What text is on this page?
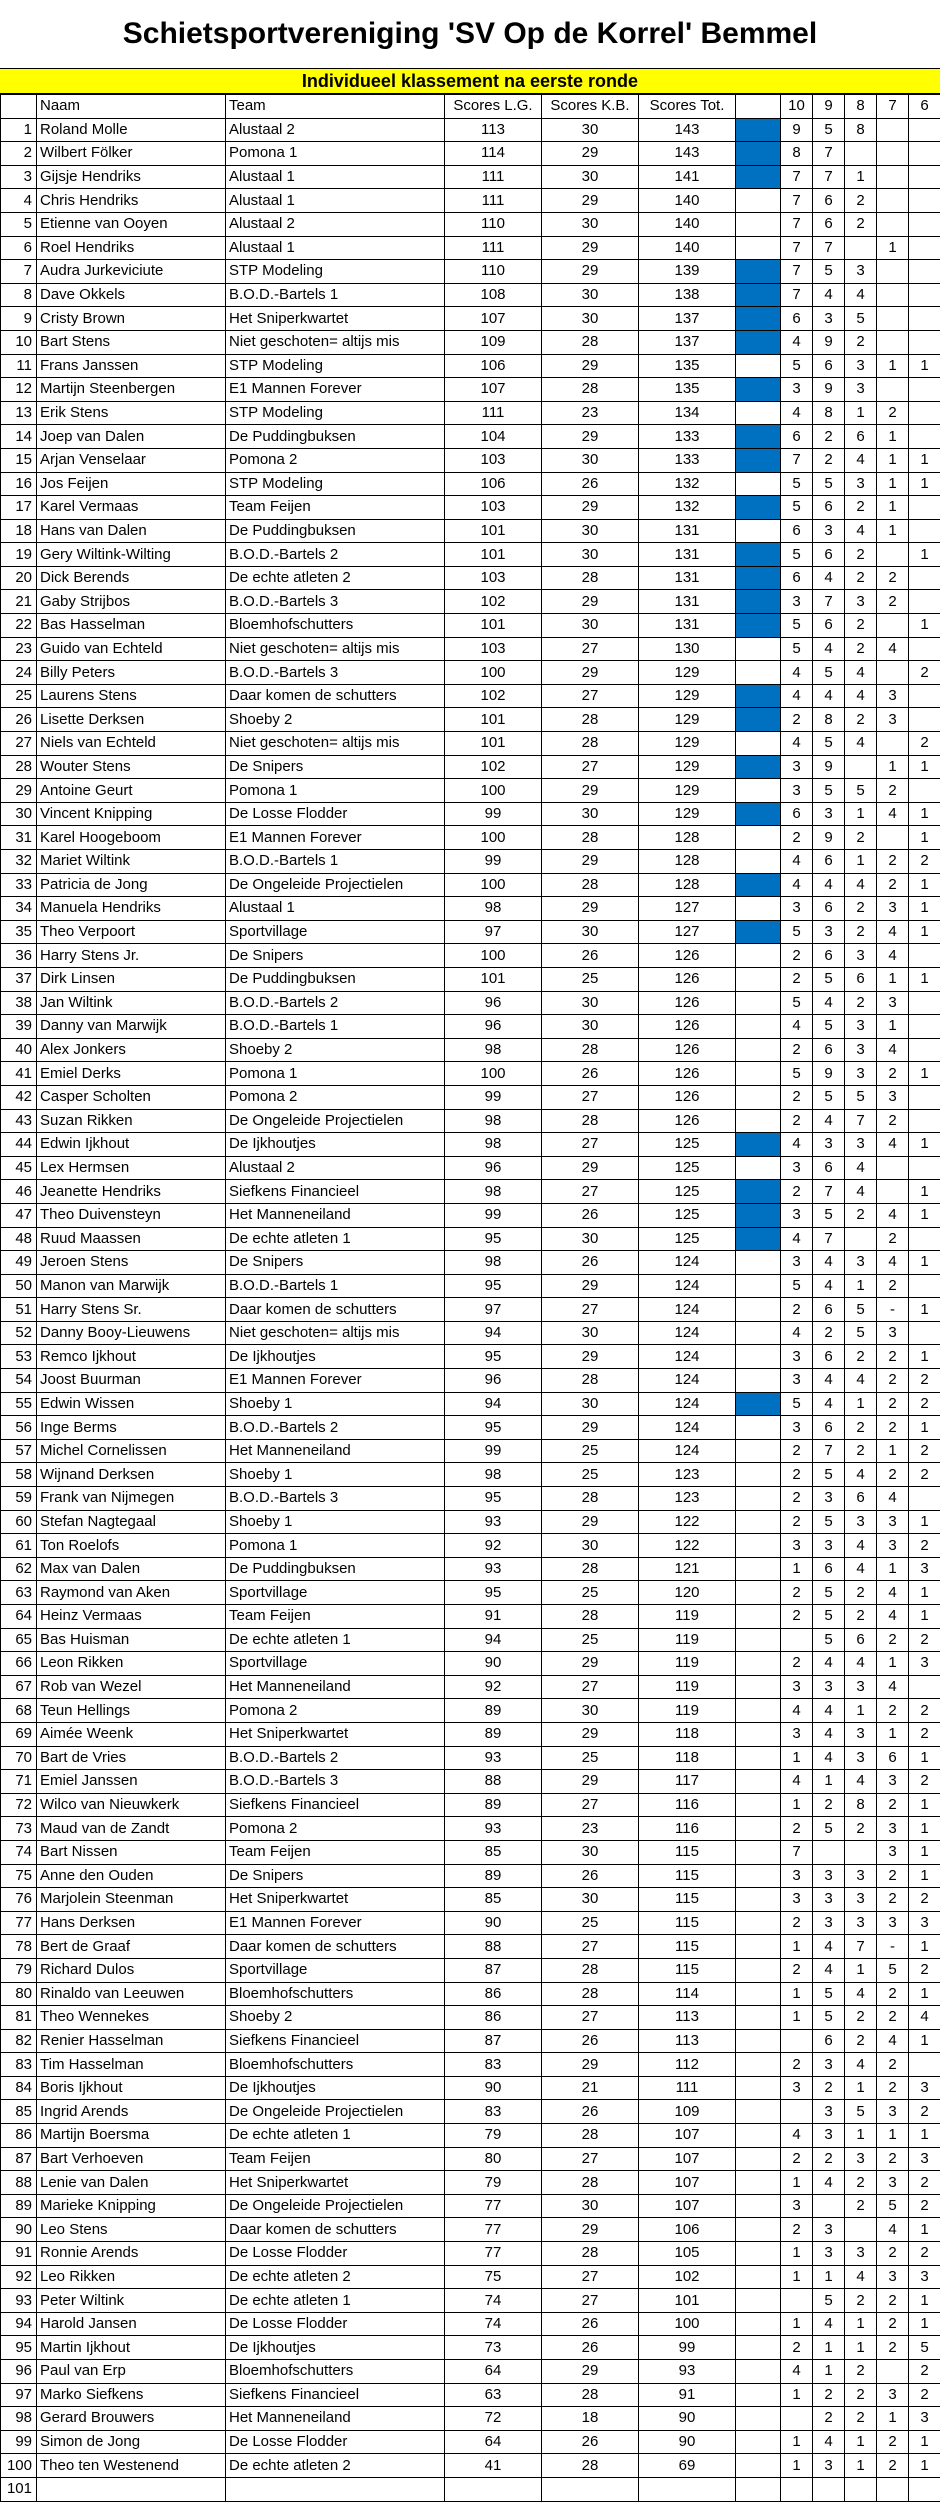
Schietsportvereniging 'SV Op de Korrel' Bemmel
Individueel klassement na eerste ronde
	Naam	Team	Scores L.G.	Scores K.B.	Scores Tot.		10	9	8	7	6
1	Roland Molle	Alustaal 2	113	30	143		9	5	8		
2	Wilbert Fölker	Pomona 1	114	29	143		8	7			
3	Gijsje Hendriks	Alustaal 1	111	30	141		7	7	1		
4	Chris Hendriks	Alustaal 1	111	29	140		7	6	2		
5	Etienne van Ooyen	Alustaal 2	110	30	140		7	6	2		
6	Roel Hendriks	Alustaal 1	111	29	140		7	7		1	
7	Audra Jurkeviciute	STP Modeling	110	29	139		7	5	3		
8	Dave Okkels	B.O.D.-Bartels 1	108	30	138		7	4	4		
9	Cristy Brown	Het Sniperkwartet	107	30	137		6	3	5		
10	Bart Stens	Niet geschoten= altijs mis	109	28	137		4	9	2		
11	Frans Janssen	STP Modeling	106	29	135		5	6	3	1	1
12	Martijn Steenbergen	E1 Mannen Forever	107	28	135		3	9	3		
13	Erik Stens	STP Modeling	111	23	134		4	8	1	2	
14	Joep van Dalen	De Puddingbuksen	104	29	133		6	2	6	1	
15	Arjan Venselaar	Pomona 2	103	30	133		7	2	4	1	1
16	Jos Feijen	STP Modeling	106	26	132		5	5	3	1	1
17	Karel Vermaas	Team Feijen	103	29	132		5	6	2	1	
18	Hans van Dalen	De Puddingbuksen	101	30	131		6	3	4	1	
19	Gery Wiltink-Wilting	B.O.D.-Bartels 2	101	30	131		5	6	2		1
20	Dick Berends	De echte atleten 2	103	28	131		6	4	2	2	
21	Gaby Strijbos	B.O.D.-Bartels 3	102	29	131		3	7	3	2	
22	Bas Hasselman	Bloemhofschutters	101	30	131		5	6	2		1
23	Guido van Echteld	Niet geschoten= altijs mis	103	27	130		5	4	2	4	
24	Billy Peters	B.O.D.-Bartels 3	100	29	129		4	5	4		2
25	Laurens Stens	Daar komen de schutters	102	27	129		4	4	4	3	
26	Lisette Derksen	Shoeby 2	101	28	129		2	8	2	3	
27	Niels van Echteld	Niet geschoten= altijs mis	101	28	129		4	5	4		2
28	Wouter Stens	De Snipers	102	27	129		3	9		1	1
29	Antoine Geurt	Pomona 1	100	29	129		3	5	5	2	
30	Vincent Knipping	De Losse Flodder	99	30	129		6	3	1	4	1
31	Karel Hoogeboom	E1 Mannen Forever	100	28	128		2	9	2		1
32	Mariet Wiltink	B.O.D.-Bartels 1	99	29	128		4	6	1	2	2
33	Patricia de Jong	De Ongeleide Projectielen	100	28	128		4	4	4	2	1
34	Manuela Hendriks	Alustaal 1	98	29	127		3	6	2	3	1
35	Theo Verpoort	Sportvillage	97	30	127		5	3	2	4	1
36	Harry Stens Jr.	De Snipers	100	26	126		2	6	3	4	
37	Dirk Linsen	De Puddingbuksen	101	25	126		2	5	6	1	1
38	Jan Wiltink	B.O.D.-Bartels 2	96	30	126		5	4	2	3	
39	Danny van Marwijk	B.O.D.-Bartels 1	96	30	126		4	5	3	1	
40	Alex Jonkers	Shoeby 2	98	28	126		2	6	3	4	
41	Emiel Derks	Pomona 1	100	26	126		5	9	3	2	1
42	Casper Scholten	Pomona 2	99	27	126		2	5	5	3	
43	Suzan Rikken	De Ongeleide Projectielen	98	28	126		2	4	7	2	
44	Edwin Ijkhout	De Ijkhoutjes	98	27	125		4	3	3	4	1
45	Lex Hermsen	Alustaal 2	96	29	125		3	6	4		
46	Jeanette Hendriks	Siefkens Financieel	98	27	125		2	7	4		1
47	Theo Duivensteyn	Het Manneneiland	99	26	125		3	5	2	4	1
48	Ruud Maassen	De echte atleten 1	95	30	125		4	7		2	
49	Jeroen Stens	De Snipers	98	26	124		3	4	3	4	1
50	Manon van Marwijk	B.O.D.-Bartels 1	95	29	124		5	4	1	2	
51	Harry Stens Sr.	Daar komen de schutters	97	27	124		2	6	5	-	1
52	Danny Booy-Lieuwens	Niet geschoten= altijs mis	94	30	124		4	2	5	3	
53	Remco Ijkhout	De Ijkhoutjes	95	29	124		3	6	2	2	1
54	Joost Buurman	E1 Mannen Forever	96	28	124		3	4	4	2	2
55	Edwin Wissen	Shoeby 1	94	30	124		5	4	1	2	2
56	Inge Berms	B.O.D.-Bartels 2	95	29	124		3	6	2	2	1
57	Michel Cornelissen	Het Manneneiland	99	25	124		2	7	2	1	2
58	Wijnand Derksen	Shoeby 1	98	25	123		2	5	4	2	2
59	Frank van Nijmegen	B.O.D.-Bartels 3	95	28	123		2	3	6	4	
60	Stefan Nagtegaal	Shoeby 1	93	29	122		2	5	3	3	1
61	Ton Roelofs	Pomona 1	92	30	122		3	3	4	3	2
62	Max van Dalen	De Puddingbuksen	93	28	121		1	6	4	1	3
63	Raymond van Aken	Sportvillage	95	25	120		2	5	2	4	1
64	Heinz Vermaas	Team Feijen	91	28	119		2	5	2	4	1
65	Bas Huisman	De echte atleten 1	94	25	119			5	6	2	2
66	Leon Rikken	Sportvillage	90	29	119		2	4	4	1	3
67	Rob van Wezel	Het Manneneiland	92	27	119		3	3	3	4	
68	Teun Hellings	Pomona 2	89	30	119		4	4	1	2	2
69	Aimée Weenk	Het Sniperkwartet	89	29	118		3	4	3	1	2
70	Bart de Vries	B.O.D.-Bartels 2	93	25	118		1	4	3	6	1
71	Emiel Janssen	B.O.D.-Bartels 3	88	29	117		4	1	4	3	2
72	Wilco van Nieuwkerk	Siefkens Financieel	89	27	116		1	2	8	2	1
73	Maud van de Zandt	Pomona 2	93	23	116		2	5	2	3	1
74	Bart Nissen	Team Feijen	85	30	115		7			3	1
75	Anne den Ouden	De Snipers	89	26	115		3	3	3	2	1
76	Marjolein Steenman	Het Sniperkwartet	85	30	115		3	3	3	2	2
77	Hans Derksen	E1 Mannen Forever	90	25	115		2	3	3	3	3
78	Bert de Graaf	Daar komen de schutters	88	27	115		1	4	7	-	1
79	Richard Dulos	Sportvillage	87	28	115		2	4	1	5	2
80	Rinaldo van Leeuwen	Bloemhofschutters	86	28	114		1	5	4	2	1
81	Theo Wennekes	Shoeby 2	86	27	113		1	5	2	2	4
82	Renier Hasselman	Siefkens Financieel	87	26	113			6	2	4	1
83	Tim Hasselman	Bloemhofschutters	83	29	112		2	3	4	2	
84	Boris Ijkhout	De Ijkhoutjes	90	21	111		3	2	1	2	3
85	Ingrid Arends	De Ongeleide Projectielen	83	26	109			3	5	3	2
86	Martijn Boersma	De echte atleten 1	79	28	107		4	3	1	1	1
87	Bart Verhoeven	Team Feijen	80	27	107		2	2	3	2	3
88	Lenie van Dalen	Het Sniperkwartet	79	28	107		1	4	2	3	2
89	Marieke Knipping	De Ongeleide Projectielen	77	30	107		3		2	5	2
90	Leo Stens	Daar komen de schutters	77	29	106		2	3		4	1
91	Ronnie Arends	De Losse Flodder	77	28	105		1	3	3	2	2
92	Leo Rikken	De echte atleten 2	75	27	102		1	1	4	3	3
93	Peter Wiltink	De echte atleten 1	74	27	101			5	2	2	1
94	Harold Jansen	De Losse Flodder	74	26	100		1	4	1	2	1
95	Martin Ijkhout	De Ijkhoutjes	73	26	99		2	1	1	2	5
96	Paul van Erp	Bloemhofschutters	64	29	93		4	1	2		2
97	Marko Siefkens	Siefkens Financieel	63	28	91		1	2	2	3	2
98	Gerard Brouwers	Het Manneneiland	72	18	90			2	2	1	3
99	Simon de Jong	De Losse Flodder	64	26	90		1	4	1	2	1
100	Theo ten Westenend	De echte atleten 2	41	28	69		1	3	1	2	1
101											
